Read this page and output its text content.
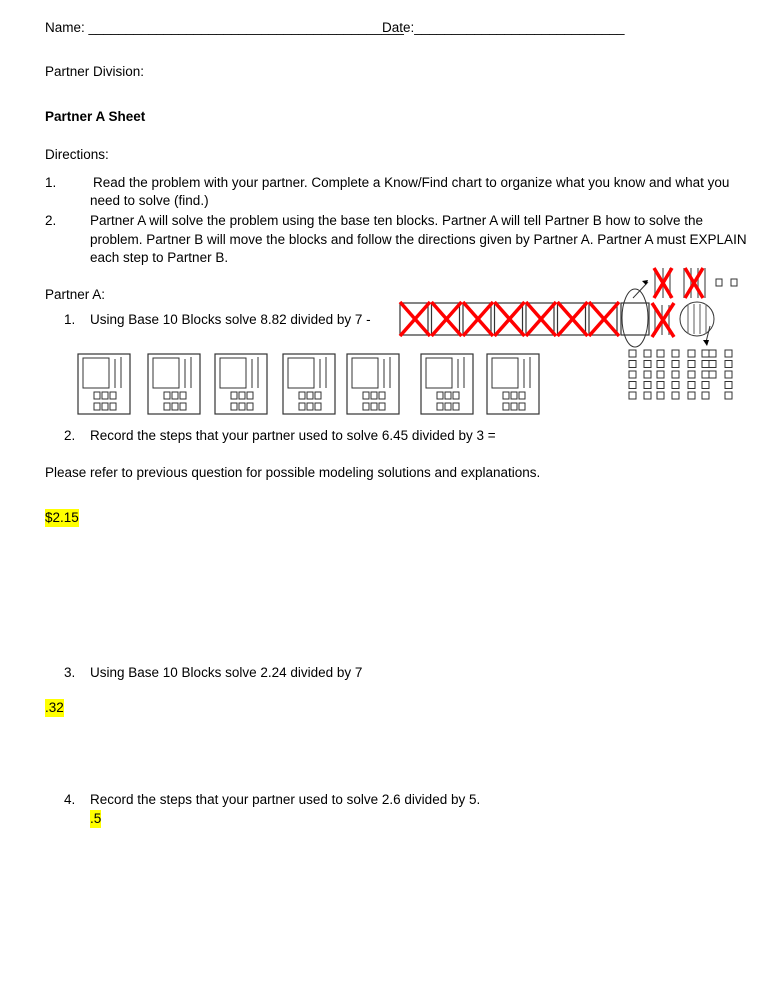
Name: __________________________________________
Date:____________________________
Partner Division:
Partner A Sheet
Directions:
1.	Read the problem with your partner. Complete a Know/Find chart to organize what you know and what you
need to solve (find.)
2. Partner A will solve the problem using the base ten blocks. Partner A will tell Partner B how to solve the
problem. Partner B will move the blocks and follow the directions given by Partner A. Partner A must EXPLAIN
each step to Partner B.
Partner A:
1. Using Base 10 Blocks solve 8.82 divided by 7 -
2. Record the steps that your partner used to solve 6.45 divided by 3 =
Please refer to previous question for possible modeling solutions and explanations.
$2.15
3. Using Base 10 Blocks solve 2.24 divided by 7
.32
4. Record the steps that your partner used to solve 2.6 divided by 5.
.5
